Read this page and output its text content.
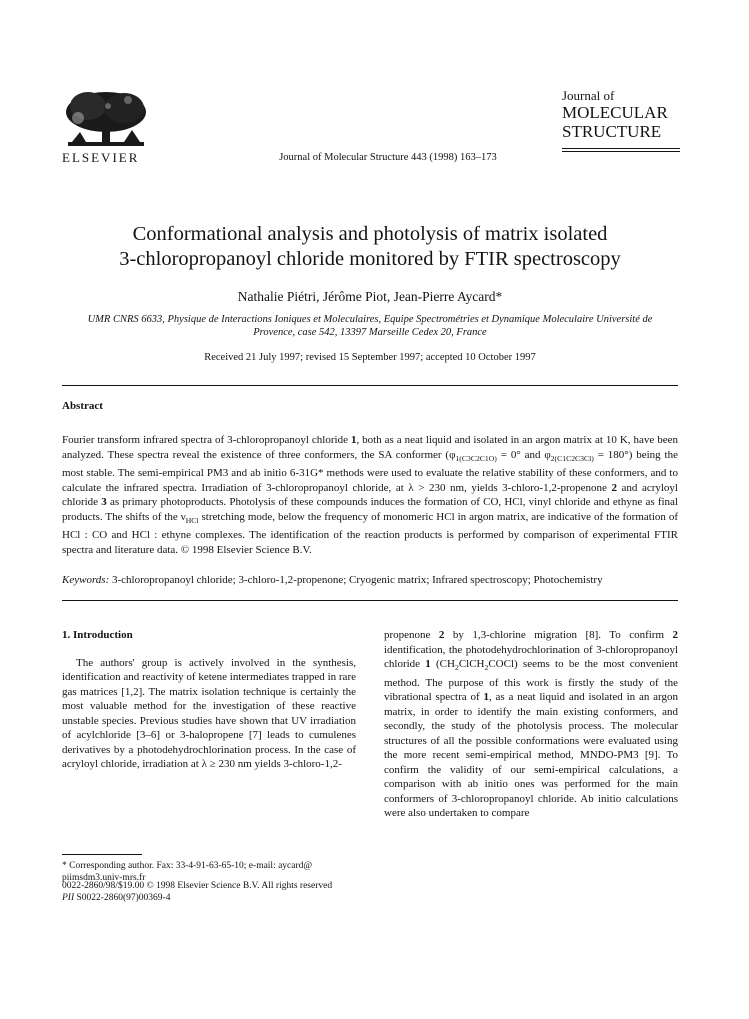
ELSEVIER	Journal of Molecular Structure 443 (1998) 163–173
Journal of
MOLECULAR
STRUCTURE
Conformational analysis and photolysis of matrix isolated
3-chloropropanoyl chloride monitored by FTIR spectroscopy
Nathalie Piétri, Jérôme Piot, Jean-Pierre Aycard*
UMR CNRS 6633, Physique de Interactions Ioniques et Moleculaires, Equipe Spectrométries et Dynamique Moleculaire Université de Provence, case 542, 13397 Marseille Cedex 20, France
Received 21 July 1997; revised 15 September 1997; accepted 10 October 1997
Abstract
Fourier transform infrared spectra of 3-chloropropanoyl chloride 1, both as a neat liquid and isolated in an argon matrix at 10 K, have been analyzed. These spectra reveal the existence of three conformers, the SA conformer ($\varphi_{1(C3C2C1O)} = 0^\circ$ and $\varphi_{2(C1C2C3Cl)} = 180^\circ$) being the most stable. The semi-empirical PM3 and ab initio 6-31G* methods were used to evaluate the relative stability of these conformers, and to calculate the infrared spectra. Irradiation of 3-chloropropanoyl chloride, at λ > 230 nm, yields 3-chloro-1,2-propenone 2 and acryloyl chloride 3 as primary photoproducts. Photolysis of these compounds induces the formation of CO, HCl, vinyl chloride and ethyne as final products. The shifts of the $\nu_{HCl}$ stretching mode, below the frequency of monomeric HCl in argon matrix, are indicative of the formation of HCl : CO and HCl : ethyne complexes. The identification of the reaction products is performed by comparison of experimental FTIR spectra and literature data. © 1998 Elsevier Science B.V.
Keywords: 3-chloropropanoyl chloride; 3-chloro-1,2-propenone; Cryogenic matrix; Infrared spectroscopy; Photochemistry
1. Introduction
The authors' group is actively involved in the synthesis, identification and reactivity of ketene intermediates trapped in rare gas matrices [1,2]. The matrix isolation technique is certainly the most valuable method for the investigation of these reactive unstable species. Previous studies have shown that UV irradiation of acylchloride [3–6] or 3-halopropene [7] leads to cumulenes derivatives by a photodehydrochlorination process. In the case of acryloyl chloride, irradiation at λ ≥ 230 nm yields 3-chloro-1,2-
propenone 2 by 1,3-chlorine migration [8]. To confirm 2 identification, the photodehydrochlorination of 3-chloropropanoyl chloride 1 $(CH_2ClCH_2COCl)$ seems to be the most convenient method. The purpose of this work is firstly the study of the vibrational spectra of 1, as a neat liquid and isolated in an argon matrix, in order to identify the main existing conformers, and secondly, the study of the photolysis process. The molecular structures of all the possible conformations were evaluated using the more recent semi-empirical method, MNDO-PM3 [9]. To confirm the validity of our semi-empirical calculations, a comparison with ab initio ones was performed for the main conformers of 3-chloropropanoyl chloride. Ab initio calculations were also undertaken to compare
* Corresponding author. Fax: 33-4-91-63-65-10; e-mail: aycard@ piimsdm3.univ-mrs.fr
0022-2860/98/$19.00 © 1998 Elsevier Science B.V. All rights reserved
PII S0022-2860(97)00369-4
